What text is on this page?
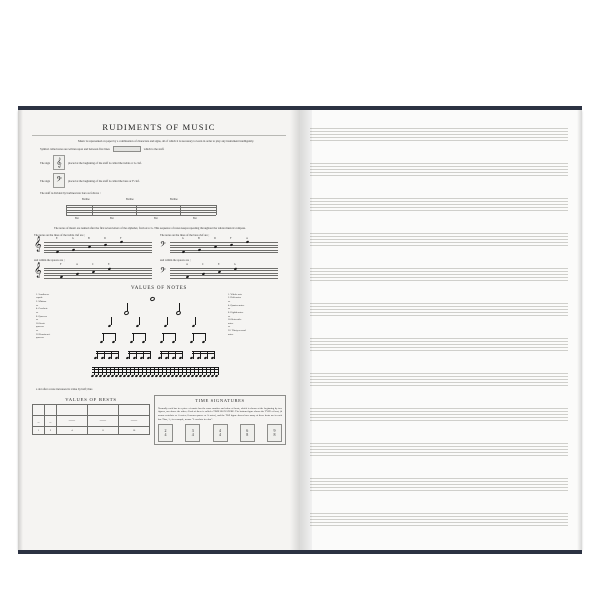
RUDIMENTS OF MUSIC
Music is represented on paper by a combination of characters and signs, all of which it is necessary to learn in order to play any instrument intelligently.
Symbol called notes are written upon and between five lines	which is the staff.
The sign 𝄞	placed at the beginning of the staff is called the treble or G clef.
The sign 𝄢	placed at the beginning of the staff is called the bass or F clef.
The staff is divided by barlines into bars as follows :
Barline	Barline	Barline
Bar	Bar	Bar	Bar
The notes of music are named after the first seven letters of the alphabet, from A to G. This sequence of notes keeps repeating throughout the whole musical compass.
The notes on the lines of the treble clef are ;
𝄞	E	G	B	D	F
The notes on the lines of the bass clef are ;
𝄢
G	B	D	F	A
and within the spaces are ;
𝄞	F	A	C	E
and within the spaces are ;
𝄢
A	C	E	G
VALUES OF NOTES
1. Semibreve
equals
2. Minims
or
4. Crochets
or
8. Quavers
or
16.Semi-
quavers
or
32.Demisemi-
quavers
1. Whole note
2. Half-notes
or
4. Quarter-notes
or
8. Eighth-notes
or
16.Sixteenth-
notes
or
32. Thirty-second
notes
a dot after a note increases its value by half; thus
VALUES OF RESTS

–	–	⸺	⸺	⸺
1	2	4	8	16
TIME SIGNATURES
Normally each bar in a piece of music has the same number and value of beats, which is shown at the beginning by two figures, one above the other;- Each of these is called a TIME SIGNATURE. The bottom figure shows the TYPE of beat, (4 means crotchets or ¼ notes; 8 means quaver or ⅛ notes), and the TOP figure shows how many of these beats are in each bar. Thus, ¾, for example, means "3 crochets in a bar".
2
4
3
4
4
4
6
8
9
8
